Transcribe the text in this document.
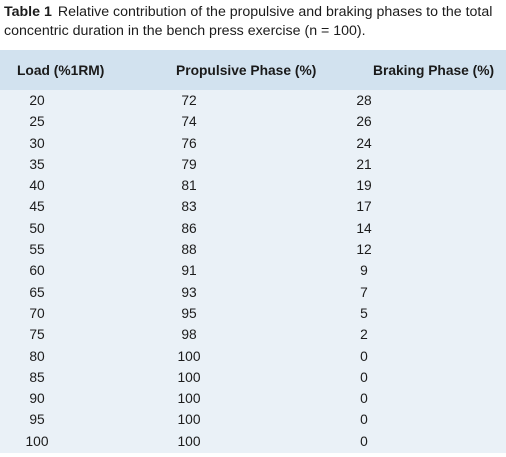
Table 1 Relative contribution of the propulsive and braking phases to the total concentric duration in the bench press exercise (n = 100).
Load (%1RM)	Propulsive Phase (%)	Braking Phase (%)
20	72	28
25	74	26
30	76	24
35	79	21
40	81	19
45	83	17
50	86	14
55	88	12
60	91	9
65	93	7
70	95	5
75	98	2
80	100	0
85	100	0
90	100	0
95	100	0
100	100	0
